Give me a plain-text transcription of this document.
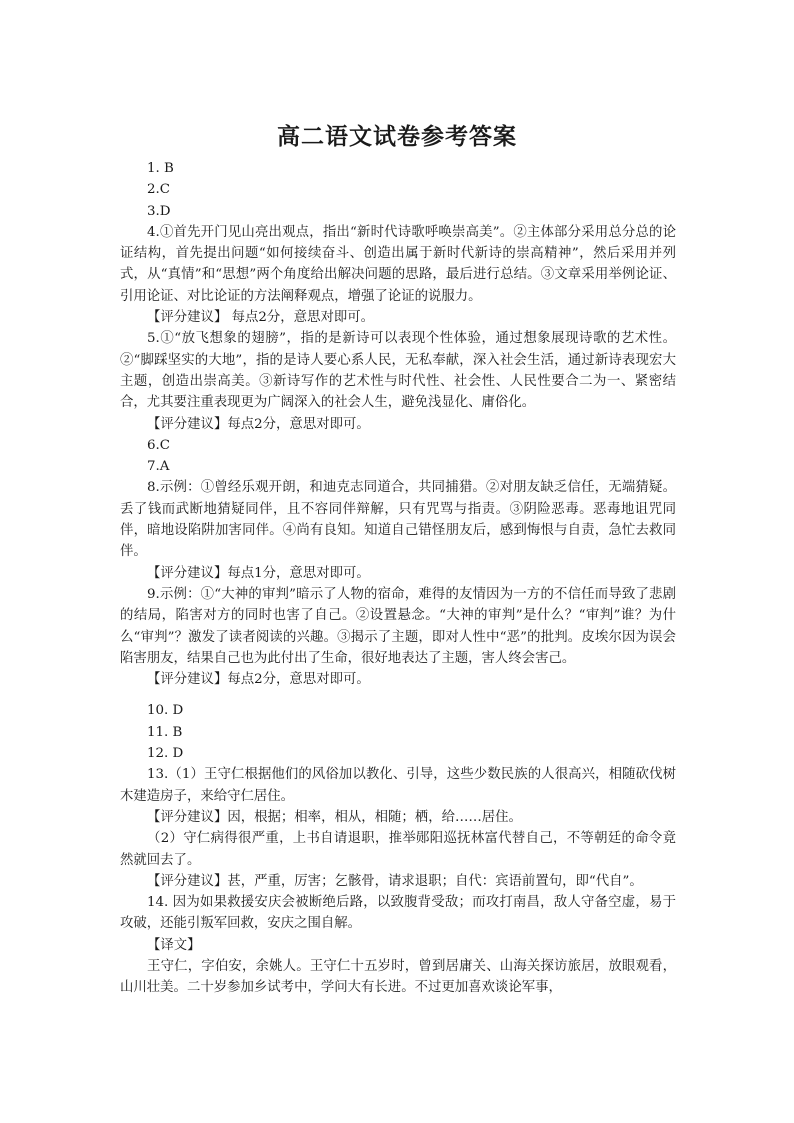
高二语文试卷参考答案

1. B

2.C

3.D

4.①首先开门见山亮出观点，指出“新时代诗歌呼唤崇高美”。②主体部分采用总分总的论证结构，首先提出问题“如何接续奋斗、创造出属于新时代新诗的崇高精神”，然后采用并列式，从“真情”和“思想”两个角度给出解决问题的思路，最后进行总结。③文章采用举例论证、引用论证、对比论证的方法阐释观点，增强了论证的说服力。

【评分建议】 每点2分，意思对即可。

5.①“放飞想象的翅膀”，指的是新诗可以表现个性体验，通过想象展现诗歌的艺术性。②“脚踩坚实的大地”，指的是诗人要心系人民，无私奉献，深入社会生活，通过新诗表现宏大主题，创造出崇高美。③新诗写作的艺术性与时代性、社会性、人民性要合二为一、紧密结合，尤其要注重表现更为广阔深入的社会人生，避免浅显化、庸俗化。

【评分建议】每点2分，意思对即可。

6.C

7.A

8.示例：①曾经乐观开朗，和迪克志同道合，共同捕猎。②对朋友缺乏信任，无端猜疑。丢了钱而武断地猜疑同伴，且不容同伴辩解，只有咒骂与指责。③阴险恶毒。恶毒地诅咒同伴，暗地设陷阱加害同伴。④尚有良知。知道自己错怪朋友后，感到悔恨与自责，急忙去救同伴。

【评分建议】每点1分，意思对即可。

9.示例：①“大神的审判”暗示了人物的宿命，难得的友情因为一方的不信任而导致了悲剧的结局，陷害对方的同时也害了自己。②设置悬念。“大神的审判”是什么？“审判”谁？为什么“审判”？激发了读者阅读的兴趣。③揭示了主题，即对人性中“恶”的批判。皮埃尔因为误会陷害朋友，结果自己也为此付出了生命，很好地表达了主题，害人终会害己。

【评分建议】每点2分，意思对即可。

10. D

11. B

12. D

13.（1）王守仁根据他们的风俗加以教化、引导，这些少数民族的人很高兴，相随砍伐树木建造房子，来给守仁居住。

【评分建议】因，根据；相率，相从，相随；栖，给……居住。

（2）守仁病得很严重，上书自请退职，推举郧阳巡抚林富代替自己，不等朝廷的命令竟然就回去了。

【评分建议】甚，严重，厉害；乞骸骨，请求退职；自代：宾语前置句，即“代自”。

14. 因为如果救援安庆会被断绝后路，以致腹背受敌；而攻打南昌，敌人守备空虚，易于攻破，还能引叛军回救，安庆之围自解。

【译文】

王守仁，字伯安，余姚人。王守仁十五岁时，曾到居庸关、山海关探访旅居，放眼观看，山川壮美。二十岁参加乡试考中，学问大有长进。不过更加喜欢谈论军事，
